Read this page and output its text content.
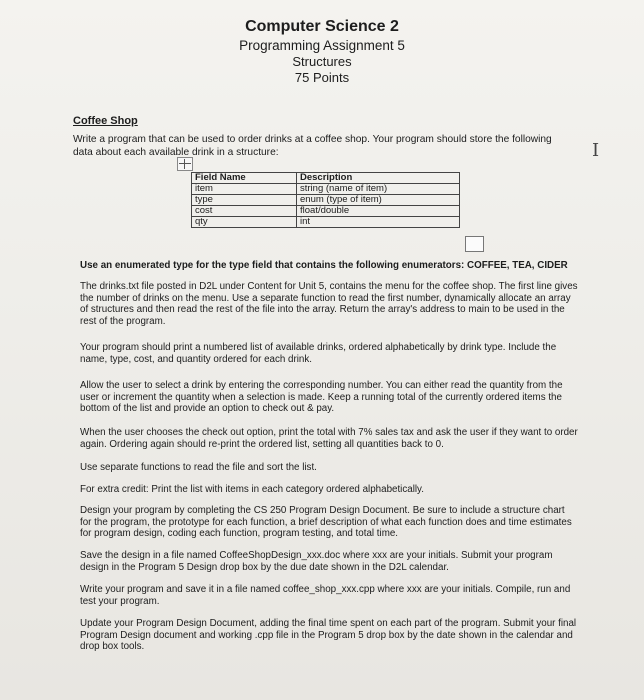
Computer Science 2
Programming Assignment 5
Structures
75 Points
Coffee Shop
Write a program that can be used to order drinks at a coffee shop. Your program should store the following data about each available drink in a structure:	I
Field Name	Description
item	string (name of item)
type	enum (type of item)
cost	float/double
qty	int
Use an enumerated type for the type field that contains the following enumerators: COFFEE, TEA, CIDER
The drinks.txt file posted in D2L under Content for Unit 5, contains the menu for the coffee shop. The first line gives the number of drinks on the menu. Use a separate function to read the first number, dynamically allocate an array of structures and then read the rest of the file into the array. Return the array's address to main to be used in the rest of the program.
Your program should print a numbered list of available drinks, ordered alphabetically by drink type. Include the name, type, cost, and quantity ordered for each drink.
Allow the user to select a drink by entering the corresponding number. You can either read the quantity from the user or increment the quantity when a selection is made. Keep a running total of the currently ordered items the bottom of the list and provide an option to check out & pay.
When the user chooses the check out option, print the total with 7% sales tax and ask the user if they want to order again. Ordering again should re-print the ordered list, setting all quantities back to 0.
Use separate functions to read the file and sort the list.
For extra credit: Print the list with items in each category ordered alphabetically.
Design your program by completing the CS 250 Program Design Document. Be sure to include a structure chart for the program, the prototype for each function, a brief description of what each function does and time estimates for program design, coding each function, program testing, and total time.
Save the design in a file named CoffeeShopDesign_xxx.doc where xxx are your initials. Submit your program design in the Program 5 Design drop box by the due date shown in the D2L calendar.
Write your program and save it in a file named coffee_shop_xxx.cpp where xxx are your initials. Compile, run and test your program.
Update your Program Design Document, adding the final time spent on each part of the program. Submit your final Program Design document and working .cpp file in the Program 5 drop box by the date shown in the calendar and drop box tools.
